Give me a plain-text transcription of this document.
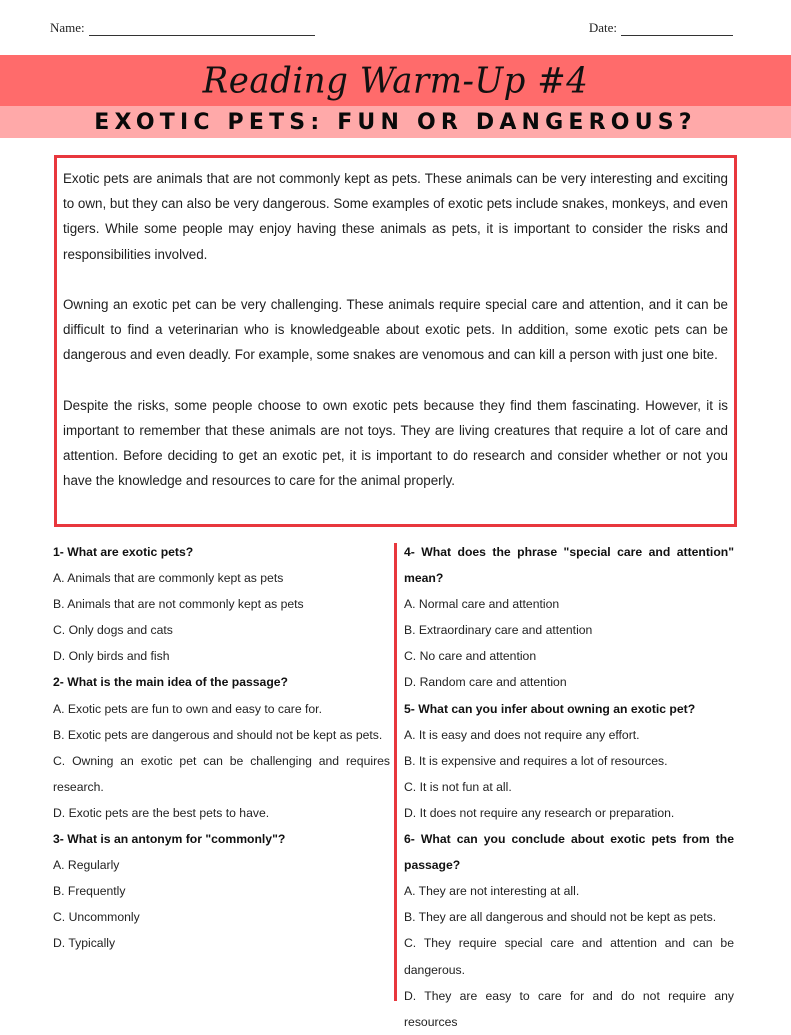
Name:	Date:
Reading Warm-Up #4
EXOTIC PETS: FUN OR DANGEROUS?

Exotic pets are animals that are not commonly kept as pets. These animals can be very interesting and exciting to own, but they can also be very dangerous. Some examples of exotic pets include snakes, monkeys, and even tigers. While some people may enjoy having these animals as pets, it is important to consider the risks and responsibilities involved.

Owning an exotic pet can be very challenging. These animals require special care and attention, and it can be difficult to find a veterinarian who is knowledgeable about exotic pets. In addition, some exotic pets can be dangerous and even deadly. For example, some snakes are venomous and can kill a person with just one bite.

Despite the risks, some people choose to own exotic pets because they find them fascinating. However, it is important to remember that these animals are not toys. They are living creatures that require a lot of care and attention. Before deciding to get an exotic pet, it is important to do research and consider whether or not you have the knowledge and resources to care for the animal properly.

1- What are exotic pets?
A. Animals that are commonly kept as pets
B. Animals that are not commonly kept as pets
C. Only dogs and cats
D. Only birds and fish
2- What is the main idea of the passage?
A. Exotic pets are fun to own and easy to care for.
B. Exotic pets are dangerous and should not be kept as pets.
C. Owning an exotic pet can be challenging and requires research.
D. Exotic pets are the best pets to have.
3- What is an antonym for "commonly"?
A. Regularly
B. Frequently
C. Uncommonly
D. Typically
4- What does the phrase "special care and attention" mean?
A. Normal care and attention
B. Extraordinary care and attention
C. No care and attention
D. Random care and attention
5- What can you infer about owning an exotic pet?
A. It is easy and does not require any effort.
B. It is expensive and requires a lot of resources.
C. It is not fun at all.
D. It does not require any research or preparation.
6- What can you conclude about exotic pets from the passage?
A. They are not interesting at all.
B. They are all dangerous and should not be kept as pets.
C. They require special care and attention and can be dangerous.
D. They are easy to care for and do not require any resources
